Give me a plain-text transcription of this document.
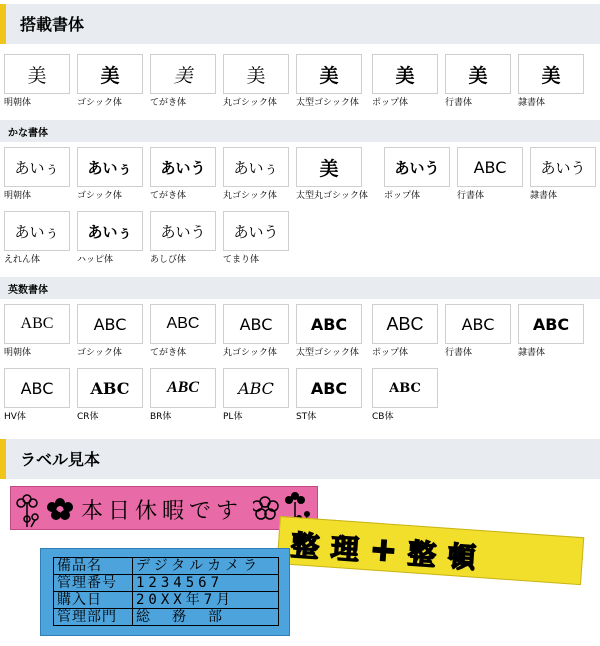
搭載書体
美
明朝体
美
ゴシック体
美
てがき体
美
丸ゴシック体
美
太型ゴシック体
美
ポップ体
美
行書体
美
隷書体
かな書体
あいぅ
明朝体
あいぅ
ゴシック体
あいう
てがき体
あいぅ
丸ゴシック体
美
太型丸ゴシック体
あいう
ポップ体
ABC
行書体
あいう
隷書体
あいぅ
えれん体
あいぅ
ハッピ体
あいう
あしび体
あいう
てまり体
英数書体
ABC
明朝体
ABC
ゴシック体
ABC
てがき体
ABC
丸ゴシック体
ABC
太型ゴシック体
ABC
ポップ体
ABC
行書体
ABC
隷書体
ABC
HV体
ABC
CR体
ABC
BR体
ABC
PL体
ABC
ST体
ABC
CB体
ラベル見本
本日休暇です
整理✚整頓
備品名	デジタルカメラ
管理番号	1234567
購入日	20XX年7月
管理部門	総　務　部
